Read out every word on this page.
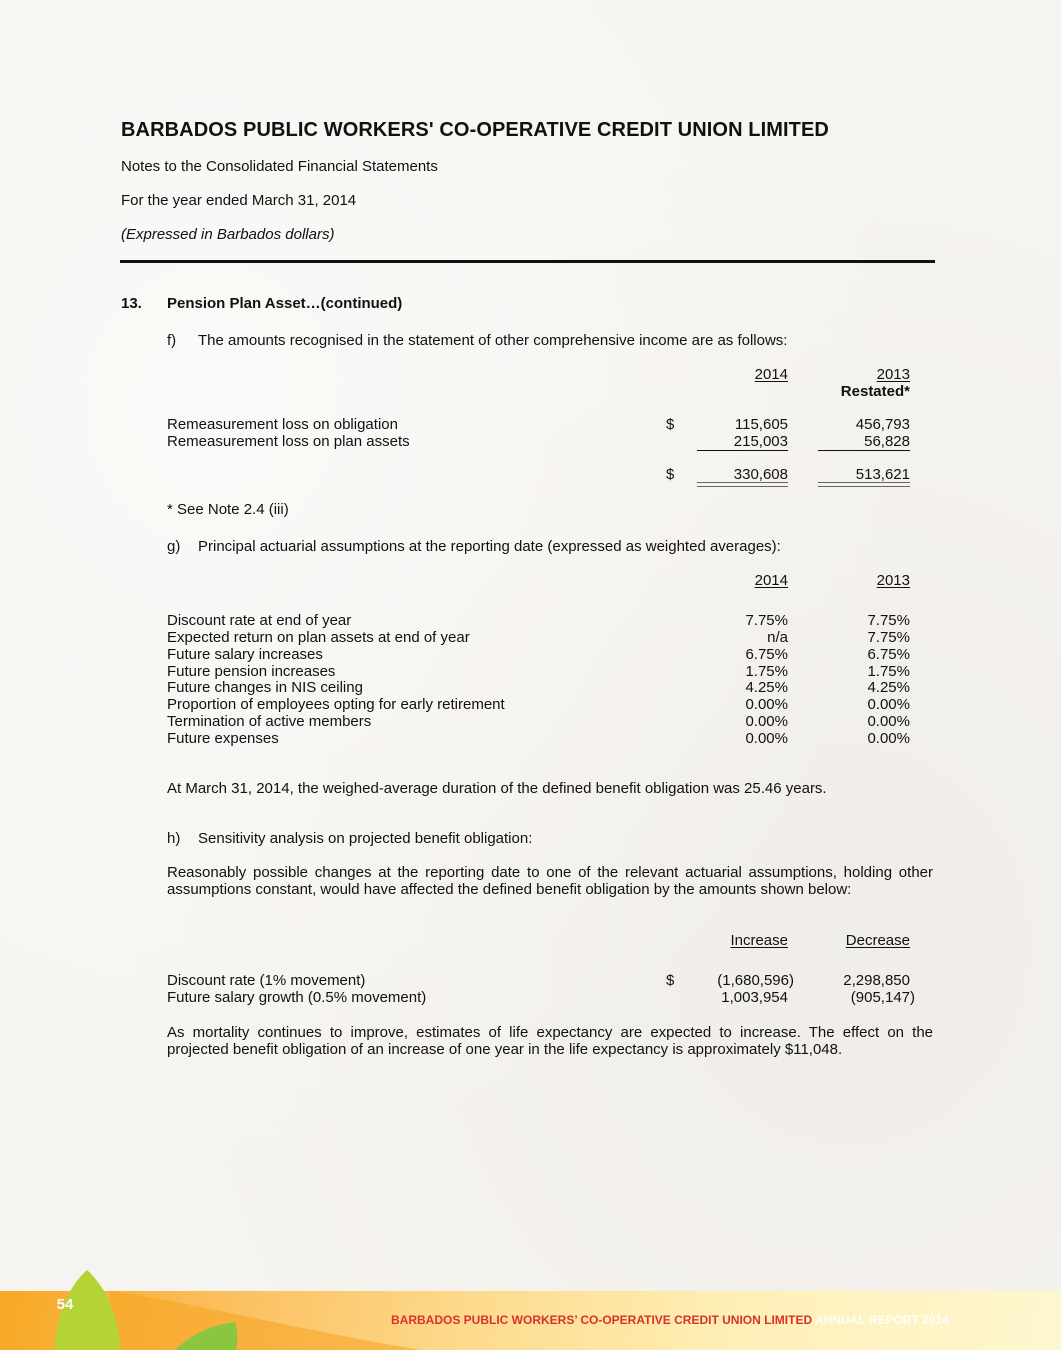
BARBADOS PUBLIC WORKERS' CO-OPERATIVE CREDIT UNION LIMITED
Notes to the Consolidated Financial Statements
For the year ended March 31, 2014
(Expressed in Barbados dollars)
13. Pension Plan Asset…(continued)
f) The amounts recognised in the statement of other comprehensive income are as follows:
2014	2013
Restated*
Remeasurement loss on obligation	$	115,605	456,793
Remeasurement loss on plan assets	215,003	56,828
$	330,608	513,621
* See Note 2.4 (iii)
g) Principal actuarial assumptions at the reporting date (expressed as weighted averages):
2014	2013
Discount rate at end of year	7.75%	7.75%
Expected return on plan assets at end of year	n/a	7.75%
Future salary increases	6.75%	6.75%
Future pension increases	1.75%	1.75%
Future changes in NIS ceiling	4.25%	4.25%
Proportion of employees opting for early retirement	0.00%	0.00%
Termination of active members	0.00%	0.00%
Future expenses	0.00%	0.00%
At March 31, 2014, the weighed-average duration of the defined benefit obligation was 25.46 years.
h) Sensitivity analysis on projected benefit obligation:
Reasonably possible changes at the reporting date to one of the relevant actuarial assumptions, holding other assumptions constant, would have affected the defined benefit obligation by the amounts shown below:
Increase	Decrease
Discount rate (1% movement)	$	(1,680,596)	2,298,850
Future salary growth (0.5% movement)	1,003,954	(905,147)
As mortality continues to improve, estimates of life expectancy are expected to increase. The effect on the projected benefit obligation of an increase of one year in the life expectancy is approximately $11,048.
54
BARBADOS PUBLIC WORKERS’ CO-OPERATIVE CREDIT UNION LIMITED ANNUAL REPORT 2014
